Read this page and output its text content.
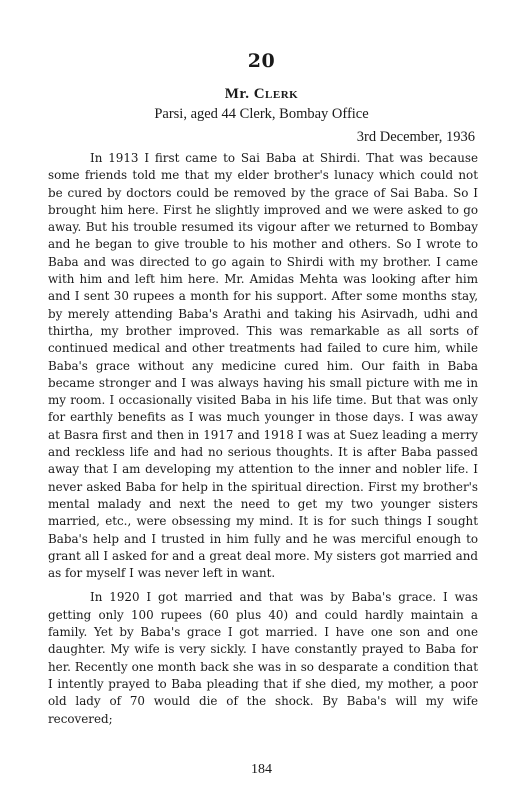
20
Mr. Clerk
Parsi, aged 44 Clerk, Bombay Office
3rd December, 1936

In 1913 I first came to Sai Baba at Shirdi. That was because some friends told me that my elder brother's lunacy which could not be cured by doctors could be removed by the grace of Sai Baba. So I brought him here. First he slightly improved and we were asked to go away. But his trouble resumed its vigour after we returned to Bombay and he began to give trouble to his mother and others. So I wrote to Baba and was directed to go again to Shirdi with my brother. I came with him and left him here. Mr. Amidas Mehta was looking after him and I sent 30 rupees a month for his support. After some months stay, by merely attending Baba's Arathi and taking his Asirvadh, udhi and thirtha, my brother improved. This was remarkable as all sorts of continued medical and other treatments had failed to cure him, while Baba's grace without any medicine cured him. Our faith in Baba became stronger and I was always having his small picture with me in my room. I occasionally visited Baba in his life time. But that was only for earthly benefits as I was much younger in those days. I was away at Basra first and then in 1917 and 1918 I was at Suez leading a merry and reckless life and had no serious thoughts. It is after Baba passed away that I am developing my attention to the inner and nobler life. I never asked Baba for help in the spiritual direction. First my brother's mental malady and next the need to get my two younger sisters married, etc., were obsessing my mind. It is for such things I sought Baba's help and I trusted in him fully and he was merciful enough to grant all I asked for and a great deal more. My sisters got married and as for myself I was never left in want.

In 1920 I got married and that was by Baba's grace. I was getting only 100 rupees (60 plus 40) and could hardly maintain a family. Yet by Baba's grace I got married. I have one son and one daughter. My wife is very sickly. I have constantly prayed to Baba for her. Recently one month back she was in so desparate a condition that I intently prayed to Baba pleading that if she died, my mother, a poor old lady of 70 would die of the shock. By Baba's will my wife recovered;

184
